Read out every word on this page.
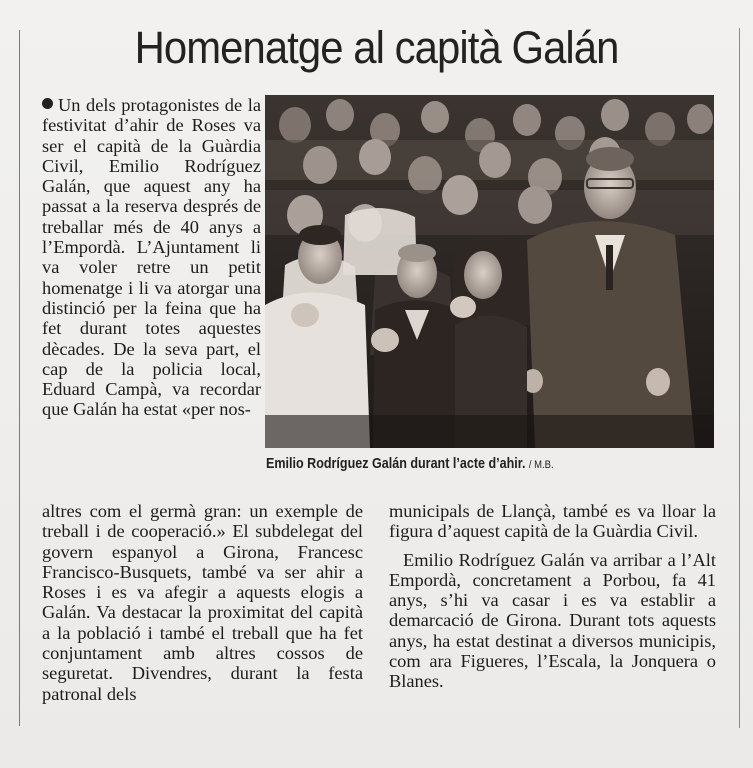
Homenatge al capità Galán
Un dels protagonistes de la festivitat d’ahir de Roses va ser el capità de la Guàrdia Civil, Emilio Rodríguez Galán, que aquest any ha passat a la reserva després de treballar més de 40 anys a l’Empordà. L’Ajuntament li va voler retre un petit homenatge i li va atorgar una distinció per la feina que ha fet durant totes aquestes dècades. De la seva part, el cap de la policia local, Eduard Campà, va recordar que Galán ha estat «per nos-
Emilio Rodríguez Galán durant l’acte d’ahir. / M.B.
altres com el germà gran: un exemple de treball i de cooperació.» El subdelegat del govern espanyol a Girona, Francesc Francisco-Busquets, també va ser ahir a Roses i es va afegir a aquests elogis a Galán. Va destacar la proximitat del capità a la població i també el treball que ha fet conjuntament amb altres cossos de seguretat. Divendres, durant la festa patronal dels
municipals de Llançà, també es va lloar la figura d’aquest capità de la Guàrdia Civil.
Emilio Rodríguez Galán va arribar a l’Alt Empordà, concretament a Porbou, fa 41 anys, s’hi va casar i es va establir a demarcació de Girona. Durant tots aquests anys, ha estat destinat a diversos municipis, com ara Figueres, l’Escala, la Jonquera o Blanes.
